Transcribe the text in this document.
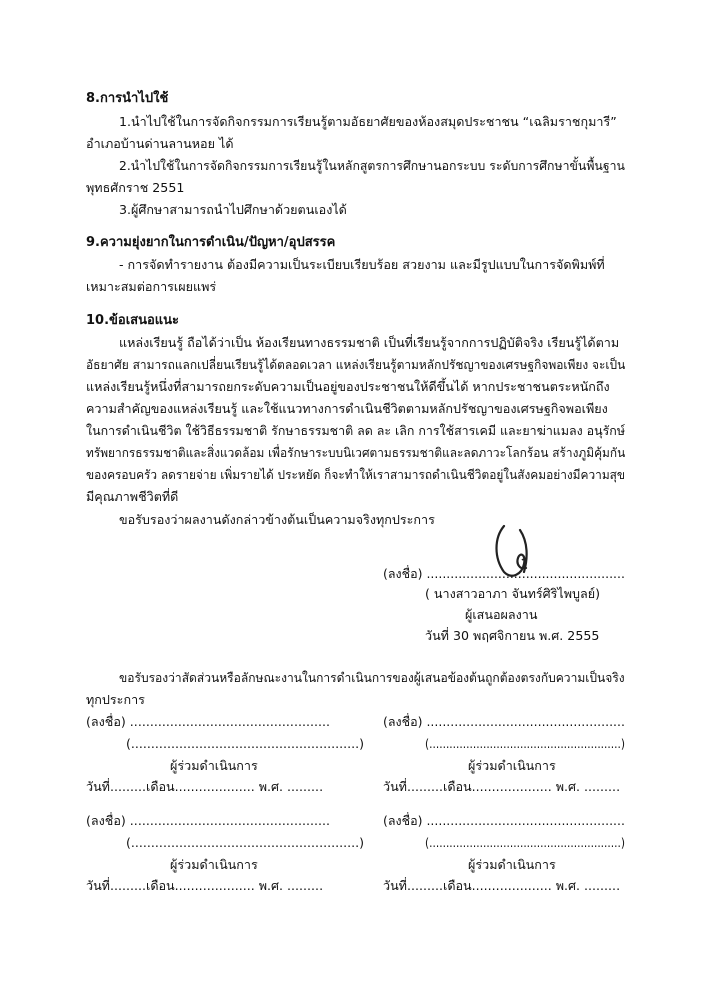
8.การนำไปใช้
1.นำไปใช้ในการจัดกิจกรรมการเรียนรู้ตามอัธยาศัยของห้องสมุดประชาชน “เฉลิมราชกุมารี”
อำเภอบ้านด่านลานหอย ได้
2.นำไปใช้ในการจัดกิจกรรมการเรียนรู้ในหลักสูตรการศึกษานอกระบบ ระดับการศึกษาขั้นพื้นฐาน
พุทธศักราช 2551
3.ผู้ศึกษาสามารถนำไปศึกษาด้วยตนเองได้
9.ความยุ่งยากในการดำเนิน/ปัญหา/อุปสรรค
- การจัดทำรายงาน ต้องมีความเป็นระเบียบเรียบร้อย สวยงาม และมีรูปแบบในการจัดพิมพ์ที่
เหมาะสมต่อการเผยแพร่
10.ข้อเสนอแนะ
แหล่งเรียนรู้ ถือได้ว่าเป็น ห้องเรียนทางธรรมชาติ เป็นที่เรียนรู้จากการปฏิบัติจริง เรียนรู้ได้ตาม
อัธยาศัย สามารถแลกเปลี่ยนเรียนรู้ได้ตลอดเวลา แหล่งเรียนรู้ตามหลักปรัชญาของเศรษฐกิจพอเพียง จะเป็น
แหล่งเรียนรู้หนึ่งที่สามารถยกระดับความเป็นอยู่ของประชาชนให้ดีขึ้นได้ หากประชาชนตระหนักถึง
ความสำคัญของแหล่งเรียนรู้ และใช้แนวทางการดำเนินชีวิตตามหลักปรัชญาของเศรษฐกิจพอเพียง
ในการดำเนินชีวิต ใช้วิธีธรรมชาติ รักษาธรรมชาติ ลด ละ เลิก การใช้สารเคมี และยาฆ่าแมลง อนุรักษ์
ทรัพยากรธรรมชาติและสิ่งแวดล้อม เพื่อรักษาระบบนิเวศตามธรรมชาติและลดภาวะโลกร้อน สร้างภูมิคุ้มกัน
ของครอบครัว ลดรายจ่าย เพิ่มรายได้ ประหยัด ก็จะทำให้เราสามารถดำเนินชีวิตอยู่ในสังคมอย่างมีความสุข
มีคุณภาพชีวิตที่ดี
ขอรับรองว่าผลงานดังกล่าวข้างต้นเป็นความจริงทุกประการ
(ลงชื่อ) ..................................................
( นางสาวอาภา จันทร์ศิริไพบูลย์)
ผู้เสนอผลงาน
วันที่ 30 พฤศจิกายน พ.ศ. 2555
ขอรับรองว่าสัดส่วนหรือลักษณะงานในการดำเนินการของผู้เสนอข้องต้นถูกต้องตรงกับความเป็นจริง
ทุกประการ
(ลงชื่อ) ..................................................	(ลงชื่อ) ..................................................
(.........................................................)	(.........................................................)
ผู้ร่วมดำเนินการ	ผู้ร่วมดำเนินการ
วันที่.........เดือน.................... พ.ศ. .........	วันที่.........เดือน.................... พ.ศ. .........
(ลงชื่อ) ..................................................	(ลงชื่อ) ..................................................
(.........................................................)	(.........................................................)
ผู้ร่วมดำเนินการ	ผู้ร่วมดำเนินการ
วันที่.........เดือน.................... พ.ศ. .........	วันที่.........เดือน.................... พ.ศ. .........
